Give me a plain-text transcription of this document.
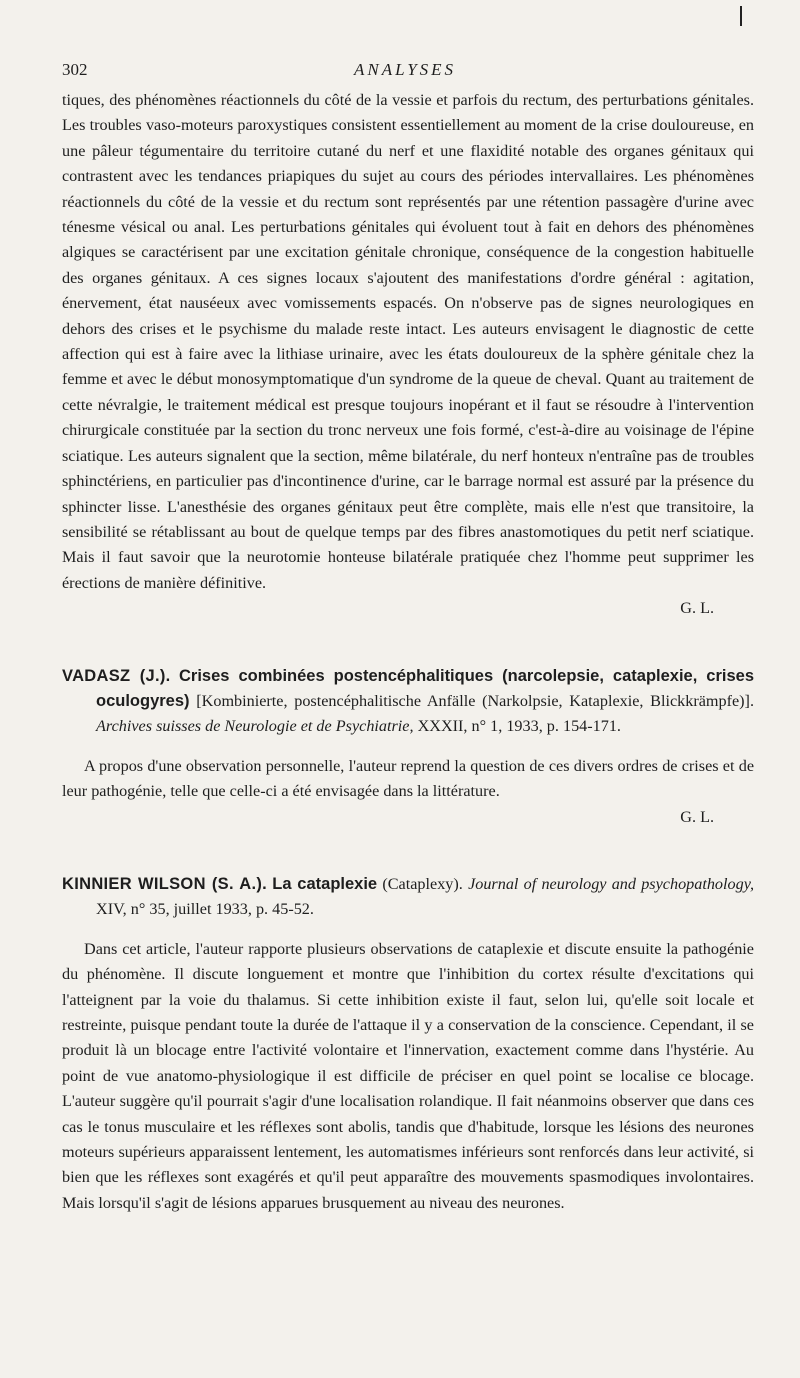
302	ANALYSES

tiques, des phénomènes réactionnels du côté de la vessie et parfois du rectum, des perturbations génitales. Les troubles vaso-moteurs paroxystiques consistent essentiellement au moment de la crise douloureuse, en une pâleur tégumentaire du territoire cutané du nerf et une flaxidité notable des organes génitaux qui contrastent avec les tendances priapiques du sujet au cours des périodes intervallaires. Les phénomènes réactionnels du côté de la vessie et du rectum sont représentés par une rétention passagère d'urine avec ténesme vésical ou anal. Les perturbations génitales qui évoluent tout à fait en dehors des phénomènes algiques se caractérisent par une excitation génitale chronique, conséquence de la congestion habituelle des organes génitaux. A ces signes locaux s'ajoutent des manifestations d'ordre général : agitation, énervement, état nauséeux avec vomissements espacés. On n'observe pas de signes neurologiques en dehors des crises et le psychisme du malade reste intact. Les auteurs envisagent le diagnostic de cette affection qui est à faire avec la lithiase urinaire, avec les états douloureux de la sphère génitale chez la femme et avec le début monosymptomatique d'un syndrome de la queue de cheval. Quant au traitement de cette névralgie, le traitement médical est presque toujours inopérant et il faut se résoudre à l'intervention chirurgicale constituée par la section du tronc nerveux une fois formé, c'est-à-dire au voisinage de l'épine sciatique. Les auteurs signalent que la section, même bilatérale, du nerf honteux n'entraîne pas de troubles sphinctériens, en particulier pas d'incontinence d'urine, car le barrage normal est assuré par la présence du sphincter lisse. L'anesthésie des organes génitaux peut être complète, mais elle n'est que transitoire, la sensibilité se rétablissant au bout de quelque temps par des fibres anastomotiques du petit nerf sciatique. Mais il faut savoir que la neurotomie honteuse bilatérale pratiquée chez l'homme peut supprimer les érections de manière définitive.

G. L.

VADASZ (J.). Crises combinées postencéphalitiques (narcolepsie, cataplexie, crises oculogyres) [Kombinierte, postencéphalitische Anfälle (Narkolpsie, Katаplexie, Blickkrämpfe)]. Archives suisses de Neurologie et de Psychiatrie, XXXII, n° 1, 1933, p. 154-171.

A propos d'une observation personnelle, l'auteur reprend la question de ces divers ordres de crises et de leur pathogénie, telle que celle-ci a été envisagée dans la littérature.

G. L.

KINNIER WILSON (S. A.). La cataplexie (Cataplexy). Journal of neurology and psychopathology, XIV, n° 35, juillet 1933, p. 45-52.

Dans cet article, l'auteur rapporte plusieurs observations de cataplexie et discute ensuite la pathogénie du phénomène. Il discute longuement et montre que l'inhibition du cortex résulte d'excitations qui l'atteignent par la voie du thalamus. Si cette inhibition existe il faut, selon lui, qu'elle soit locale et restreinte, puisque pendant toute la durée de l'attaque il y a conservation de la conscience. Cependant, il se produit là un blocage entre l'activité volontaire et l'innervation, exactement comme dans l'hystérie. Au point de vue anatomo-physiologique il est difficile de préciser en quel point se localise ce blocage. L'auteur suggère qu'il pourrait s'agir d'une localisation rolandique. Il fait néanmoins observer que dans ces cas le tonus musculaire et les réflexes sont abolis, tandis que d'habitude, lorsque les lésions des neurones moteurs supérieurs apparaissent lentement, les automatismes inférieurs sont renforcés dans leur activité, si bien que les réflexes sont exagérés et qu'il peut apparaître des mouvements spasmodiques involontaires. Mais lorsqu'il s'agit de lésions apparues brusquement au niveau des neurones.
